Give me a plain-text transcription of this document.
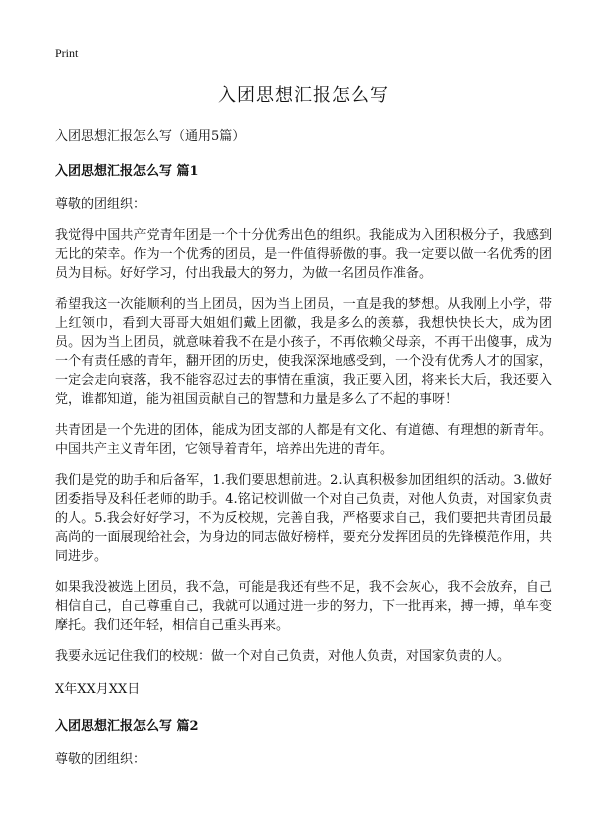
Print
入团思想汇报怎么写

入团思想汇报怎么写（通用5篇）

入团思想汇报怎么写 篇1

尊敬的团组织：

我觉得中国共产党青年团是一个十分优秀出色的组织。我能成为入团积极分子，我感到无比的荣幸。作为一个优秀的团员，是一件值得骄傲的事。我一定要以做一名优秀的团员为目标。好好学习，付出我最大的努力，为做一名团员作准备。

希望我这一次能顺利的当上团员，因为当上团员，一直是我的梦想。从我刚上小学，带上红领巾，看到大哥哥大姐姐们戴上团徽，我是多么的羡慕，我想快快长大，成为团员。因为当上团员，就意味着我不在是小孩子，不再依赖父母亲，不再干出傻事，成为一个有责任感的青年，翻开团的历史，使我深深地感受到，一个没有优秀人才的国家，一定会走向衰落，我不能容忍过去的事情在重演，我正要入团，将来长大后，我还要入党，谁都知道，能为祖国贡献自己的智慧和力量是多么了不起的事呀！

共青团是一个先进的团体，能成为团支部的人都是有文化、有道德、有理想的新青年。中国共产主义青年团，它领导着青年，培养出先进的青年。

我们是党的助手和后备军，1.我们要思想前进。2.认真积极参加团组织的活动。3.做好团委指导及科任老师的助手。4.铭记校训做一个对自己负责，对他人负责，对国家负责的人。5.我会好好学习，不为反校规，完善自我，严格要求自己，我们要把共青团员最高尚的一面展现给社会，为身边的同志做好榜样，要充分发挥团员的先锋模范作用，共同进步。

如果我没被选上团员，我不急，可能是我还有些不足，我不会灰心，我不会放弃，自己相信自己，自己尊重自己，我就可以通过进一步的努力，下一批再来，搏一搏，单车变摩托。我们还年轻，相信自己重头再来。

我要永远记住我们的校规：做一个对自己负责，对他人负责，对国家负责的人。

X年XX月XX日

入团思想汇报怎么写 篇2

尊敬的团组织：
